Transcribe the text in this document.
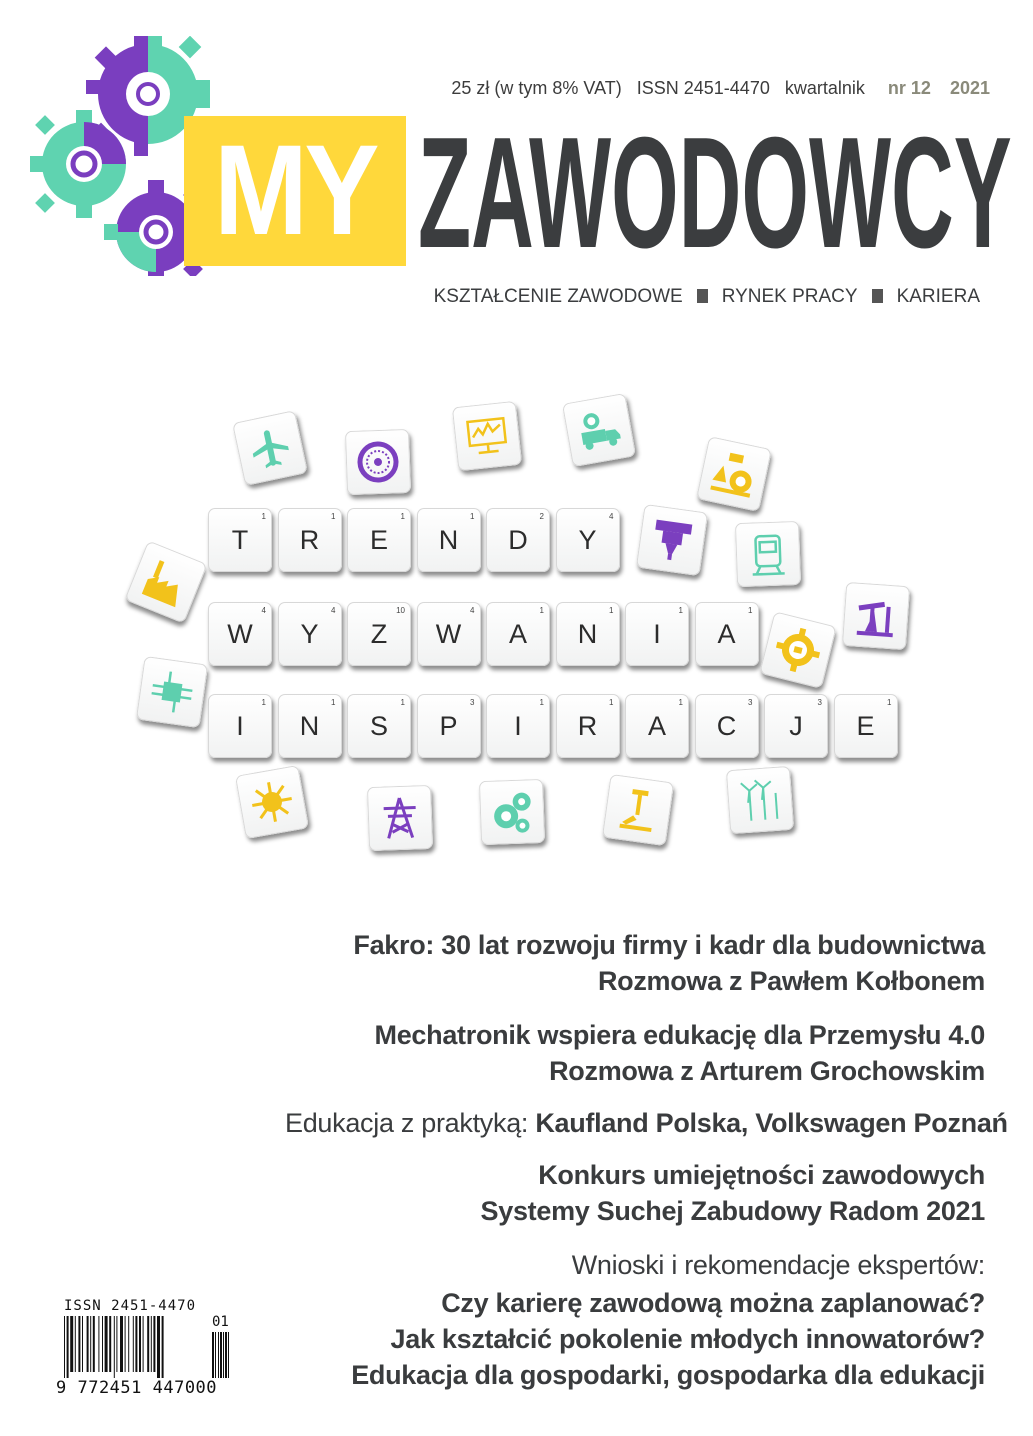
MY
25 zł (w tym 8% VAT) ISSN 2451-4470 kwartalnik nr 12 2021
ZAWODOWCY
KSZTAŁCENIE ZAWODOWE RYNEK PRACY KARIERA
T
1
R
1
E
1
N
1
D
2
Y
4
W
4
Y
4
Z
10
W
4
A
1
N
1
I
1
A
1
I
1
N
1
S
1
P
3
I
1
R
1
A
1
C
3
J
3
E
1
Fakro: 30 lat rozwoju firmy i kadr dla budownictwa
Rozmowa z Pawłem Kołbonem
Mechatronik wspiera edukację dla Przemysłu 4.0
Rozmowa z Arturem Grochowskim
Edukacja z praktyką: Kaufland Polska, Volkswagen Poznań
Konkurs umiejętności zawodowych
Systemy Suchej Zabudowy Radom 2021
Wnioski i rekomendacje ekspertów:
Czy karierę zawodową można zaplanować?
Jak kształcić pokolenie młodych innowatorów?
Edukacja dla gospodarki, gospodarka dla edukacji
ISSN 2451-4470
01
9 772451 447000
